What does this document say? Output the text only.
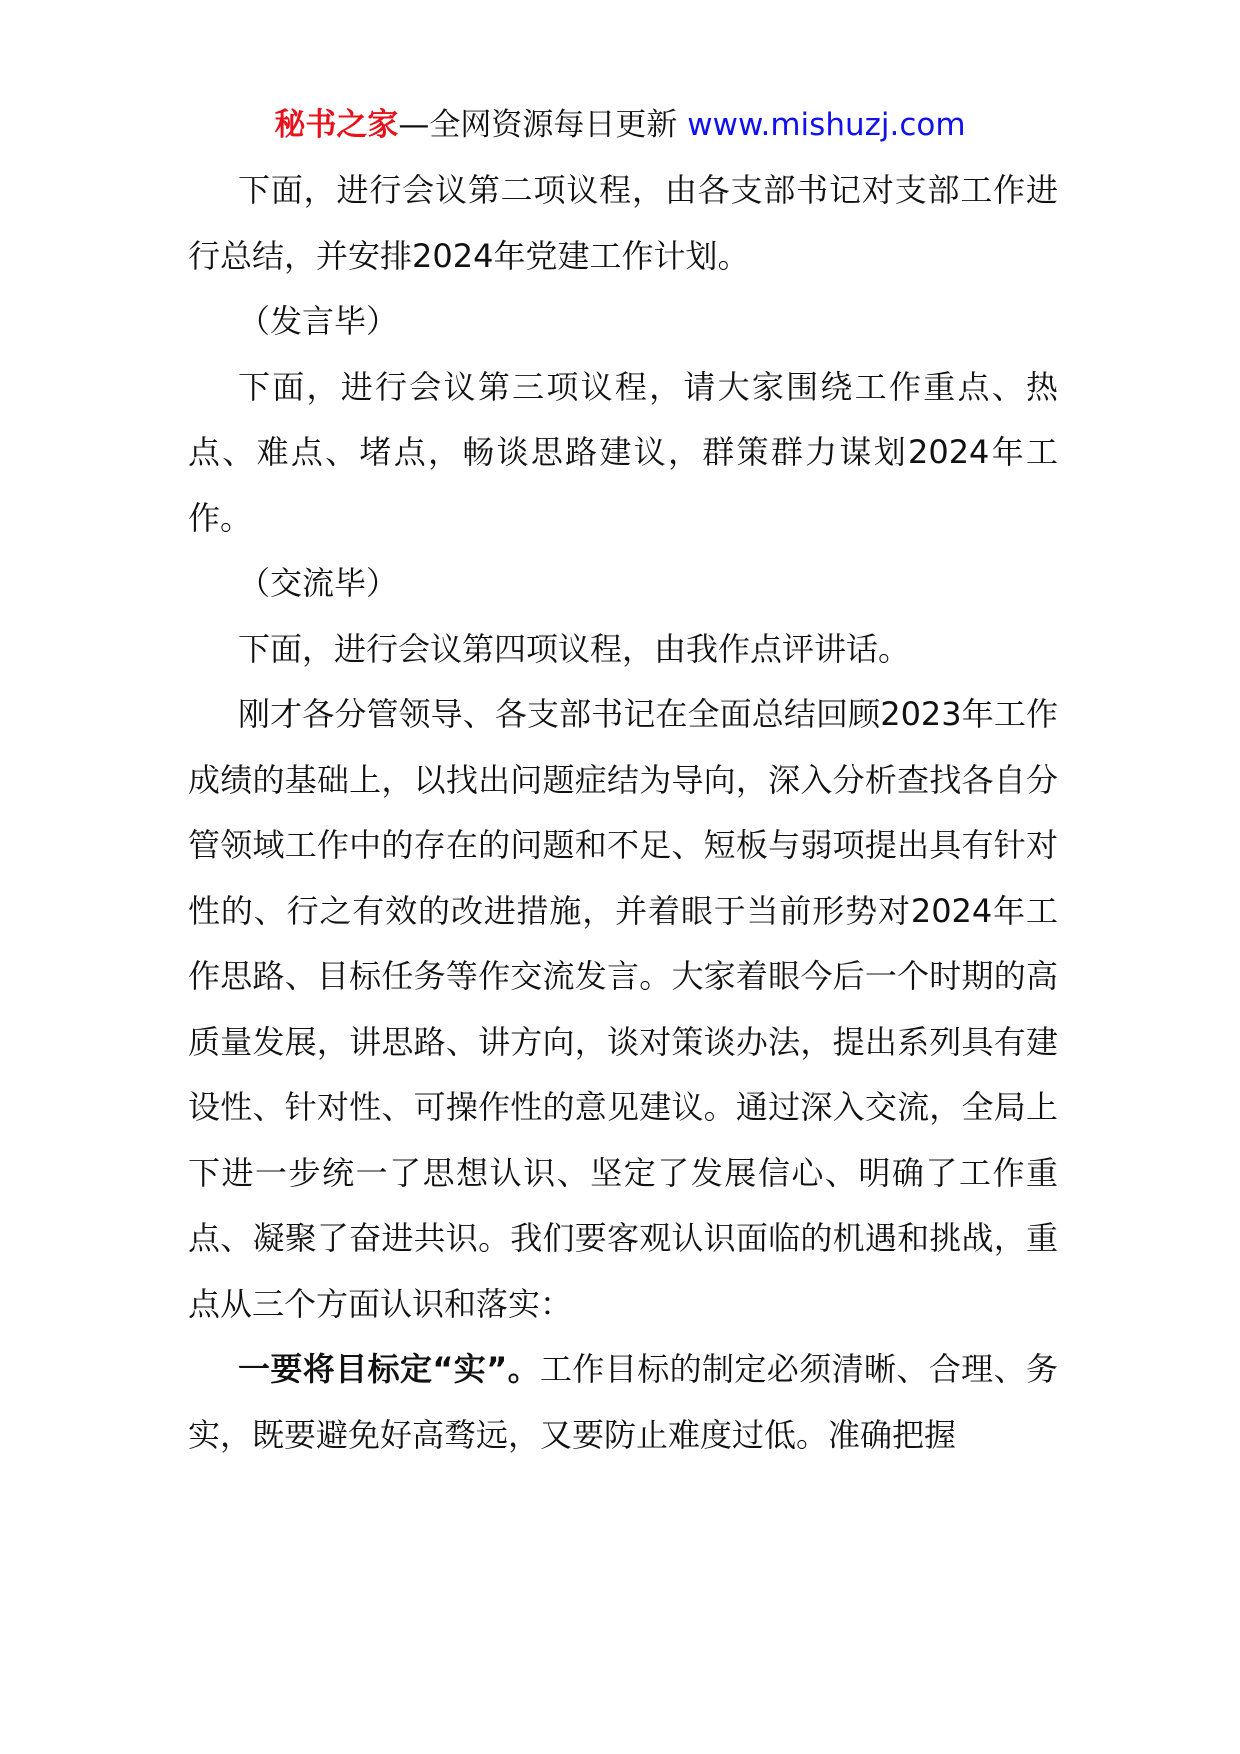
秘书之家—全网资源每日更新 www.mishuzj.com

下面，进行会议第二项议程，由各支部书记对支部工作进行总结，并安排2024年党建工作计划。

（发言毕）

下面，进行会议第三项议程，请大家围绕工作重点、热点、难点、堵点，畅谈思路建议，群策群力谋划2024年工作。

（交流毕）

下面，进行会议第四项议程，由我作点评讲话。

刚才各分管领导、各支部书记在全面总结回顾2023年工作成绩的基础上，以找出问题症结为导向，深入分析查找各自分管领域工作中的存在的问题和不足、短板与弱项提出具有针对性的、行之有效的改进措施，并着眼于当前形势对2024年工作思路、目标任务等作交流发言。大家着眼今后一个时期的高质量发展，讲思路、讲方向，谈对策谈办法，提出系列具有建设性、针对性、可操作性的意见建议。通过深入交流，全局上下进一步统一了思想认识、坚定了发展信心、明确了工作重点、凝聚了奋进共识。我们要客观认识面临的机遇和挑战，重点从三个方面认识和落实：

一要将目标定“实”。工作目标的制定必须清晰、合理、务实，既要避免好高骛远，又要防止难度过低。准确把握
